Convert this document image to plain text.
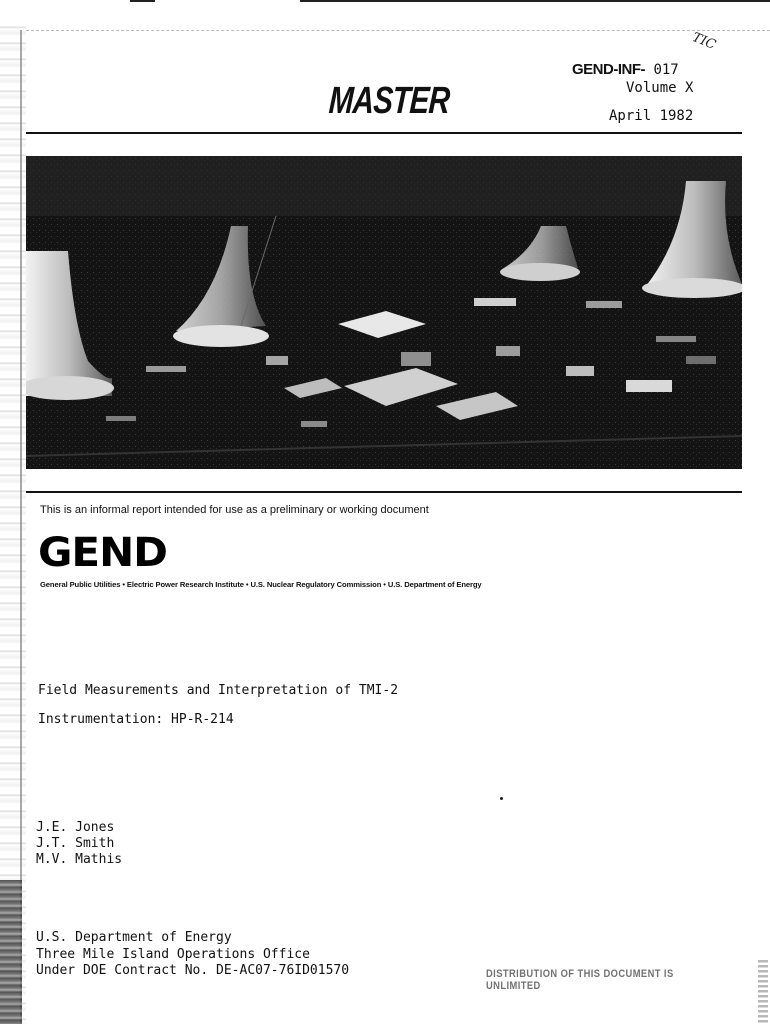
TIC
MASTER
GEND-INF- 017
Volume X
April 1982
This is an informal report intended for use as a preliminary or working document
GEND
General Public Utilities • Electric Power Research Institute • U.S. Nuclear Regulatory Commission • U.S. Department of Energy
Field Measurements and Interpretation of TMI-2
Instrumentation: HP-R-214
J.E. Jones
J.T. Smith
M.V. Mathis
U.S. Department of Energy
Three Mile Island Operations Office
Under DOE Contract No. DE-AC07-76ID01570	DISTRIBUTION OF THIS DOCUMENT IS UNLIMITED
